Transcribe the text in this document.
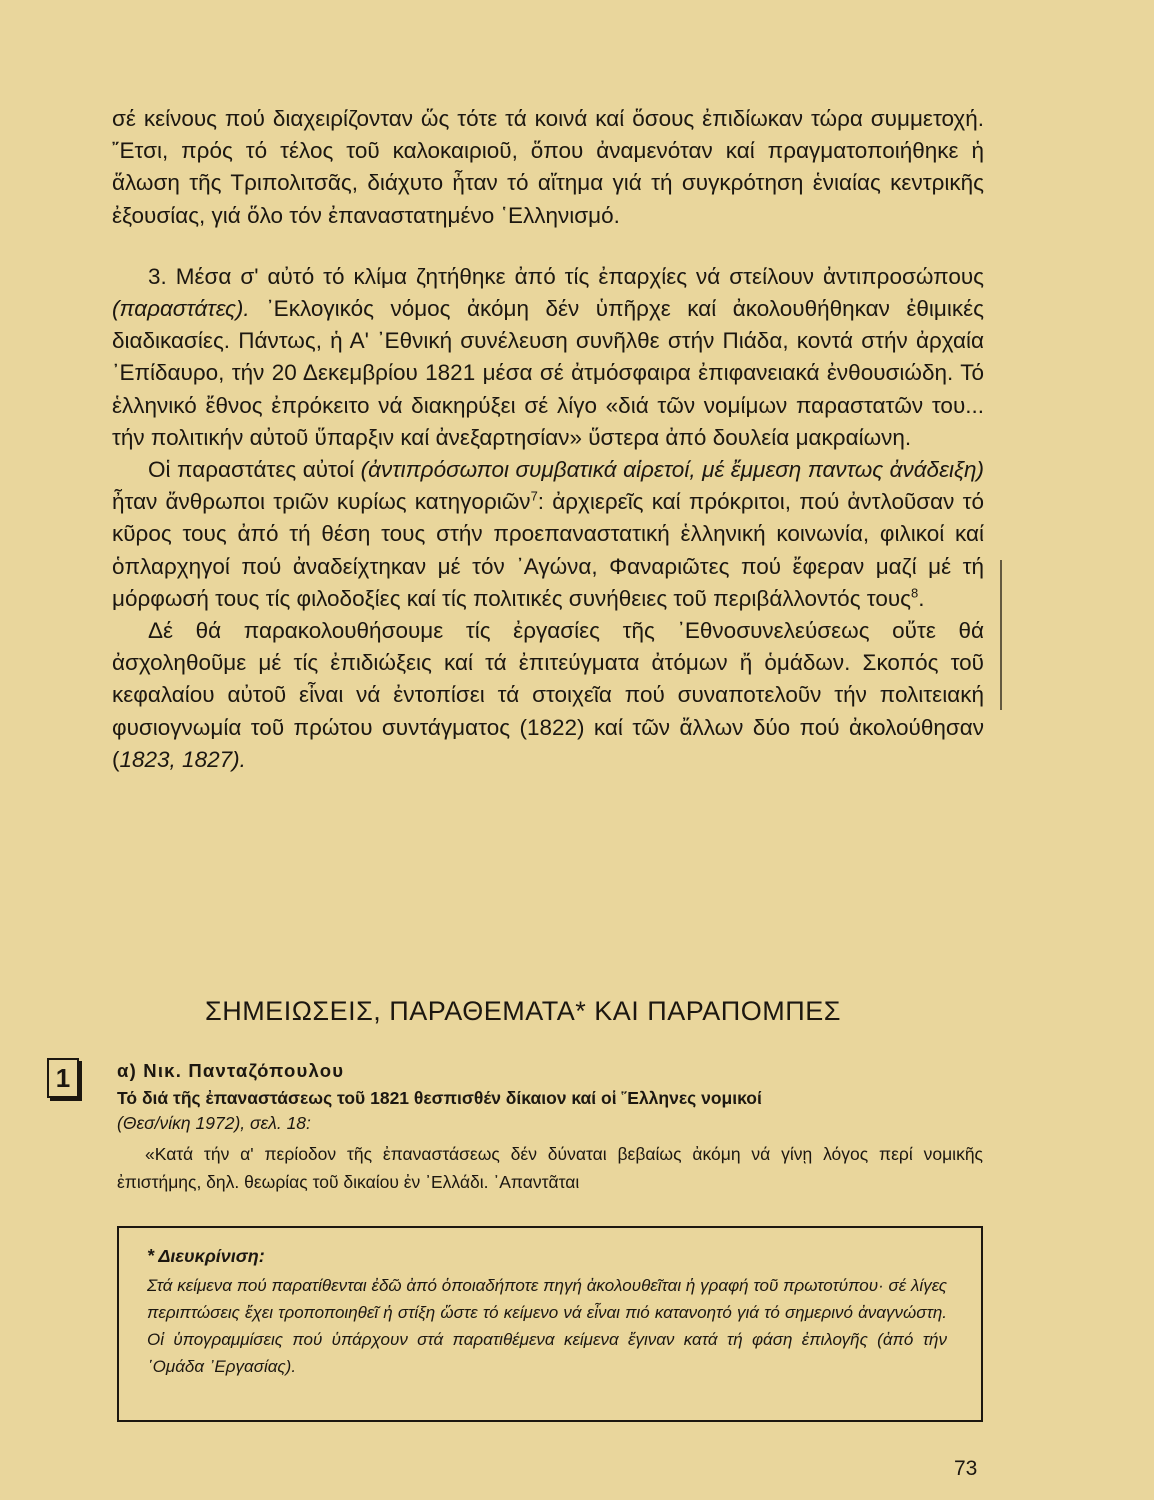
σέ κείνους πού διαχειρίζονταν ὥς τότε τά κοινά καί ὅσους ἐπιδίωκαν τώρα συμμετοχή. ῎Ετσι, πρός τό τέλος τοῦ καλοκαιριοῦ, ὅπου ἀναμενόταν καί πραγματοποιήθηκε ἡ ἅλωση τῆς Τριπολιτσᾶς, διάχυτο ἦταν τό αἴτημα γιά τή συγκρότηση ἑνιαίας κεντρικῆς ἐξουσίας, γιά ὅλο τόν ἐπαναστατημένο ῾Ελληνισμό.

3. Μέσα σ' αὐτό τό κλίμα ζητήθηκε ἀπό τίς ἐπαρχίες νά στείλουν ἀντιπροσώπους (παραστάτες). ᾿Εκλογικός νόμος ἀκόμη δέν ὑπῆρχε καί ἀκολουθήθηκαν ἐθιμικές διαδικασίες. Πάντως, ἡ Α' ᾿Εθνική συνέλευση συνῆλθε στήν Πιάδα, κοντά στήν ἀρχαία ᾿Επίδαυρο, τήν 20 Δεκεμβρίου 1821 μέσα σέ ἀτμόσφαιρα ἐπιφανειακά ἐνθουσιώδη. Τό ἑλληνικό ἔθνος ἐπρόκειτο νά διακηρύξει σέ λίγο «διά τῶν νομίμων παραστατῶν του... τήν πολιτικήν αὐτοῦ ὕπαρξιν καί ἀνεξαρτησίαν» ὕστερα ἀπό δουλεία μακραίωνη.

Οἱ παραστάτες αὐτοί (ἀντιπρόσωποι συμβατικά αἱρετοί, μέ ἔμμεση παντως ἀνάδειξη) ἦταν ἄνθρωποι τριῶν κυρίως κατηγοριῶν$^7$: ἀρχιερεῖς καί πρόκριτοι, πού ἀντλοῦσαν τό κῦρος τους ἀπό τή θέση τους στήν προεπαναστατική ἑλληνική κοινωνία, φιλικοί καί ὁπλαρχηγοί πού ἀναδείχτηκαν μέ τόν ᾿Αγώνα, Φαναριῶτες πού ἔφεραν μαζί μέ τή μόρφωσή τους τίς φιλοδοξίες καί τίς πολιτικές συνήθειες τοῦ περιβάλλοντός τους$^8$.

Δέ θά παρακολουθήσουμε τίς ἐργασίες τῆς ᾿Εθνοσυνελεύσεως οὔτε θά ἀσχοληθοῦμε μέ τίς ἐπιδιώξεις καί τά ἐπιτεύγματα ἀτόμων ἤ ὁμάδων. Σκοπός τοῦ κεφαλαίου αὐτοῦ εἶναι νά ἐντοπίσει τά στοιχεῖα πού συναποτελοῦν τήν πολιτειακή φυσιογνωμία τοῦ πρώτου συντάγματος (1822) καί τῶν ἄλλων δύο πού ἀκολούθησαν (1823, 1827).

ΣΗΜΕΙΩΣΕΙΣ, ΠΑΡΑΘΕΜΑΤΑ* ΚΑΙ ΠΑΡΑΠΟΜΠΕΣ
1	α) Νικ. Πανταζόπουλου

Τό διά τῆς ἐπαναστάσεως τοῦ 1821 θεσπισθέν δίκαιον καί οἱ ῞Ελληνες νομικοί

(Θεσ/νίκη 1972), σελ. 18:

«Κατά τήν α' περίοδον τῆς ἐπαναστάσεως δέν δύναται βεβαίως ἀκόμη νά γίνῃ λόγος περί νομικῆς ἐπιστήμης, δηλ. θεωρίας τοῦ δικαίου ἐν ᾿Ελλάδι. ᾿Απαντᾶται

* Διευκρίνιση:

Στά κείμενα πού παρατίθενται ἐδῶ ἀπό ὁποιαδήποτε πηγή ἀκολουθεῖται ἡ γραφή τοῦ πρωτοτύπου· σέ λίγες περιπτώσεις ἔχει τροποποιηθεῖ ἡ στίξη ὥστε τό κείμενο νά εἶναι πιό κατανοητό γιά τό σημερινό ἀναγνώστη. Οἱ ὑπογραμμίσεις πού ὑπάρχουν στά παρατιθέμενα κείμενα ἔγιναν κατά τή φάση ἐπιλογῆς (ἀπό τήν ῾Ομάδα ᾿Εργασίας).

73
